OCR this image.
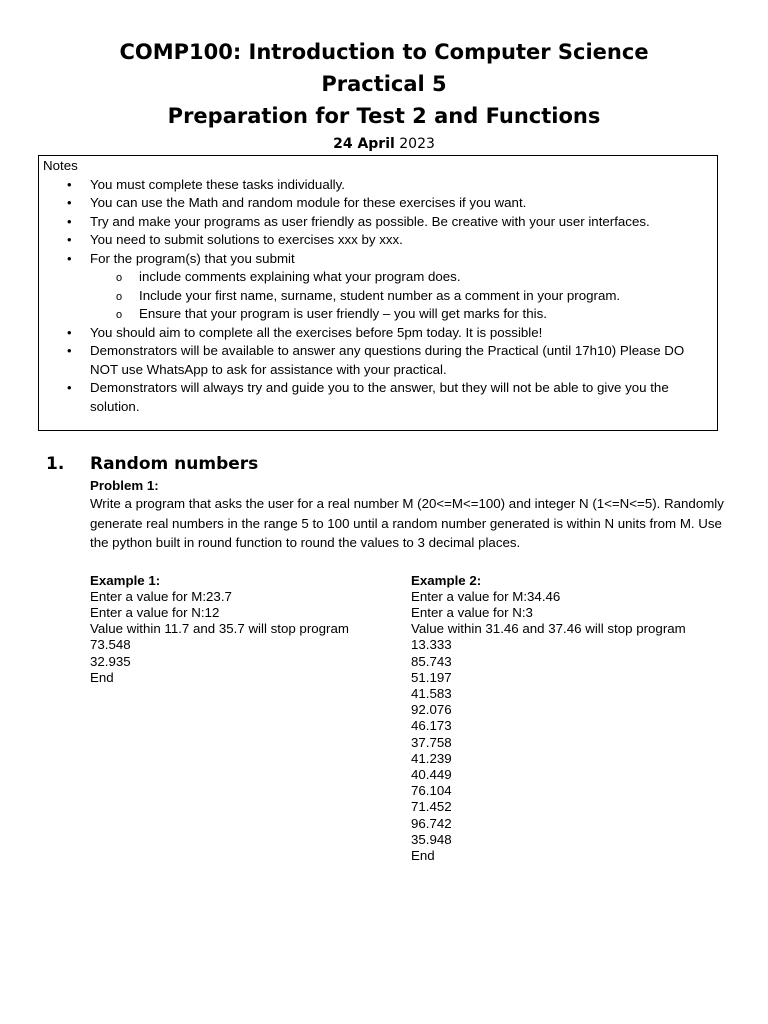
COMP100: Introduction to Computer Science
Practical 5
Preparation for Test 2 and Functions
24 April 2023
Notes
• You must complete these tasks individually.
• You can use the Math and random module for these exercises if you want.
• Try and make your programs as user friendly as possible. Be creative with your user interfaces.
• You need to submit solutions to exercises xxx by xxx.
• For the program(s) that you submit
o include comments explaining what your program does.
o Include your first name, surname, student number as a comment in your program.
o Ensure that your program is user friendly – you will get marks for this.
• You should aim to complete all the exercises before 5pm today. It is possible!
• Demonstrators will be available to answer any questions during the Practical (until 17h10) Please DO NOT use WhatsApp to ask for assistance with your practical.
• Demonstrators will always try and guide you to the answer, but they will not be able to give you the solution.
1. Random numbers
Problem 1:

Write a program that asks the user for a real number M (20<=M<=100) and integer N (1<=N<=5). Randomly generate real numbers in the range 5 to 100 until a random number generated is within N units from M. Use the python built in round function to round the values to 3 decimal places.

Example 1:
Enter a value for M:23.7
Enter a value for N:12
Value within 11.7 and 35.7 will stop program
73.548
32.935
End
Example 2:
Enter a value for M:34.46
Enter a value for N:3
Value within 31.46 and 37.46 will stop program
13.333
85.743
51.197
41.583
92.076
46.173
37.758
41.239
40.449
76.104
71.452
96.742
35.948
End
